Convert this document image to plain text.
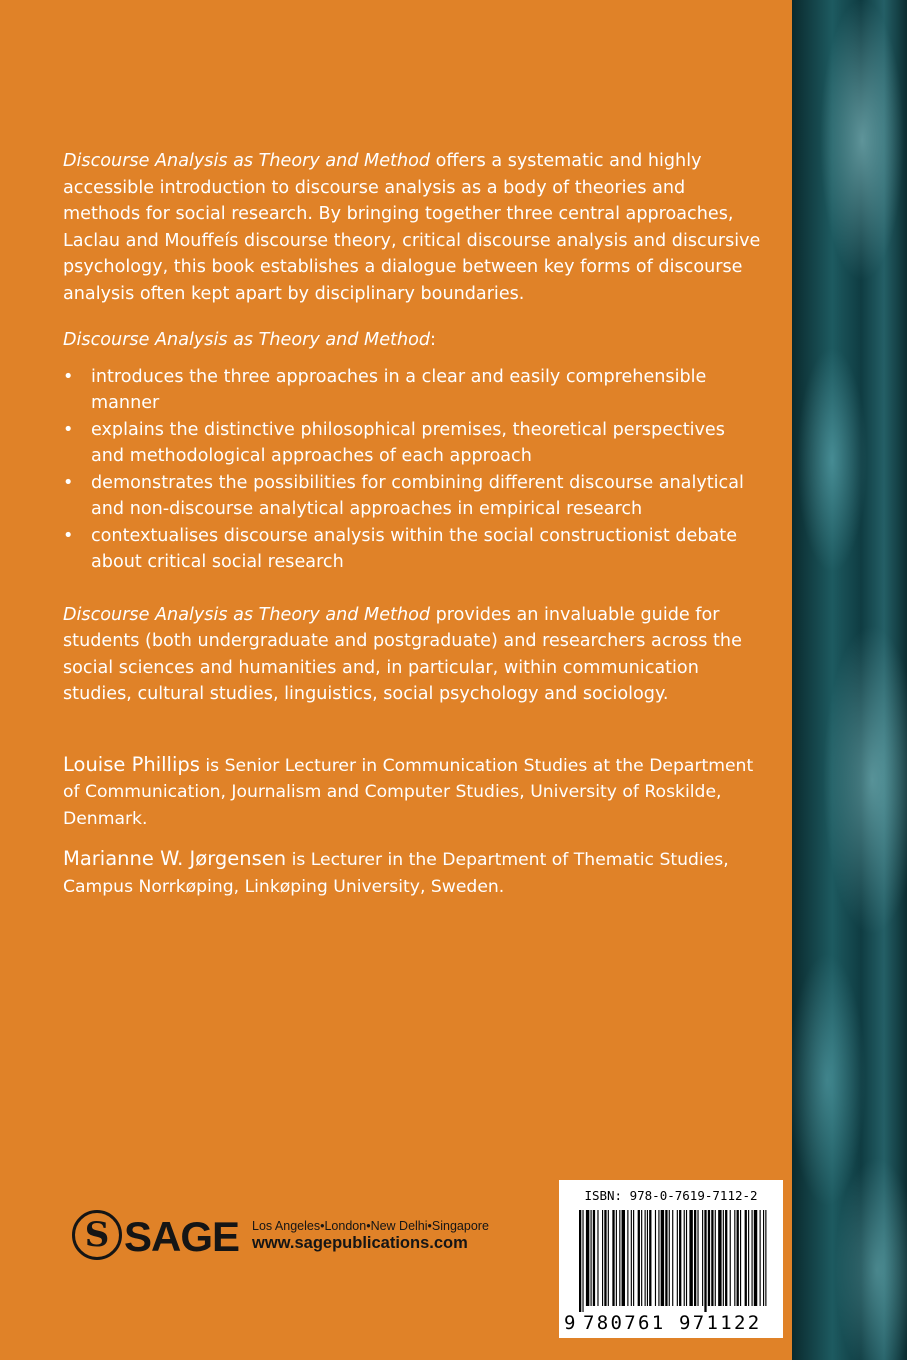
Discourse Analysis as Theory and Method offers a systematic and highly accessible introduction to discourse analysis as a body of theories and methods for social research. By bringing together three central approaches, Laclau and Mouffeís discourse theory, critical discourse analysis and discursive psychology, this book establishes a dialogue between key forms of discourse analysis often kept apart by disciplinary boundaries.

Discourse Analysis as Theory and Method:

• introduces the three approaches in a clear and easily comprehensible manner
• explains the distinctive philosophical premises, theoretical perspectives and methodological approaches of each approach
• demonstrates the possibilities for combining different discourse analytical and non-discourse analytical approaches in empirical research
• contextualises discourse analysis within the social constructionist debate about critical social research

Discourse Analysis as Theory and Method provides an invaluable guide for students (both undergraduate and postgraduate) and researchers across the social sciences and humanities and, in particular, within communication studies, cultural studies, linguistics, social psychology and sociology.

Louise Phillips is Senior Lecturer in Communication Studies at the Department of Communication, Journalism and Computer Studies, University of Roskilde, Denmark.

Marianne W. Jørgensen is Lecturer in the Department of Thematic Studies, Campus Norrkøping, Linkøping University, Sweden.

S SAGE Los Angeles•London•New Delhi•Singapore
www.sagepublications.com
ISBN: 978-0-7619-7112-2
9 780761 971122
